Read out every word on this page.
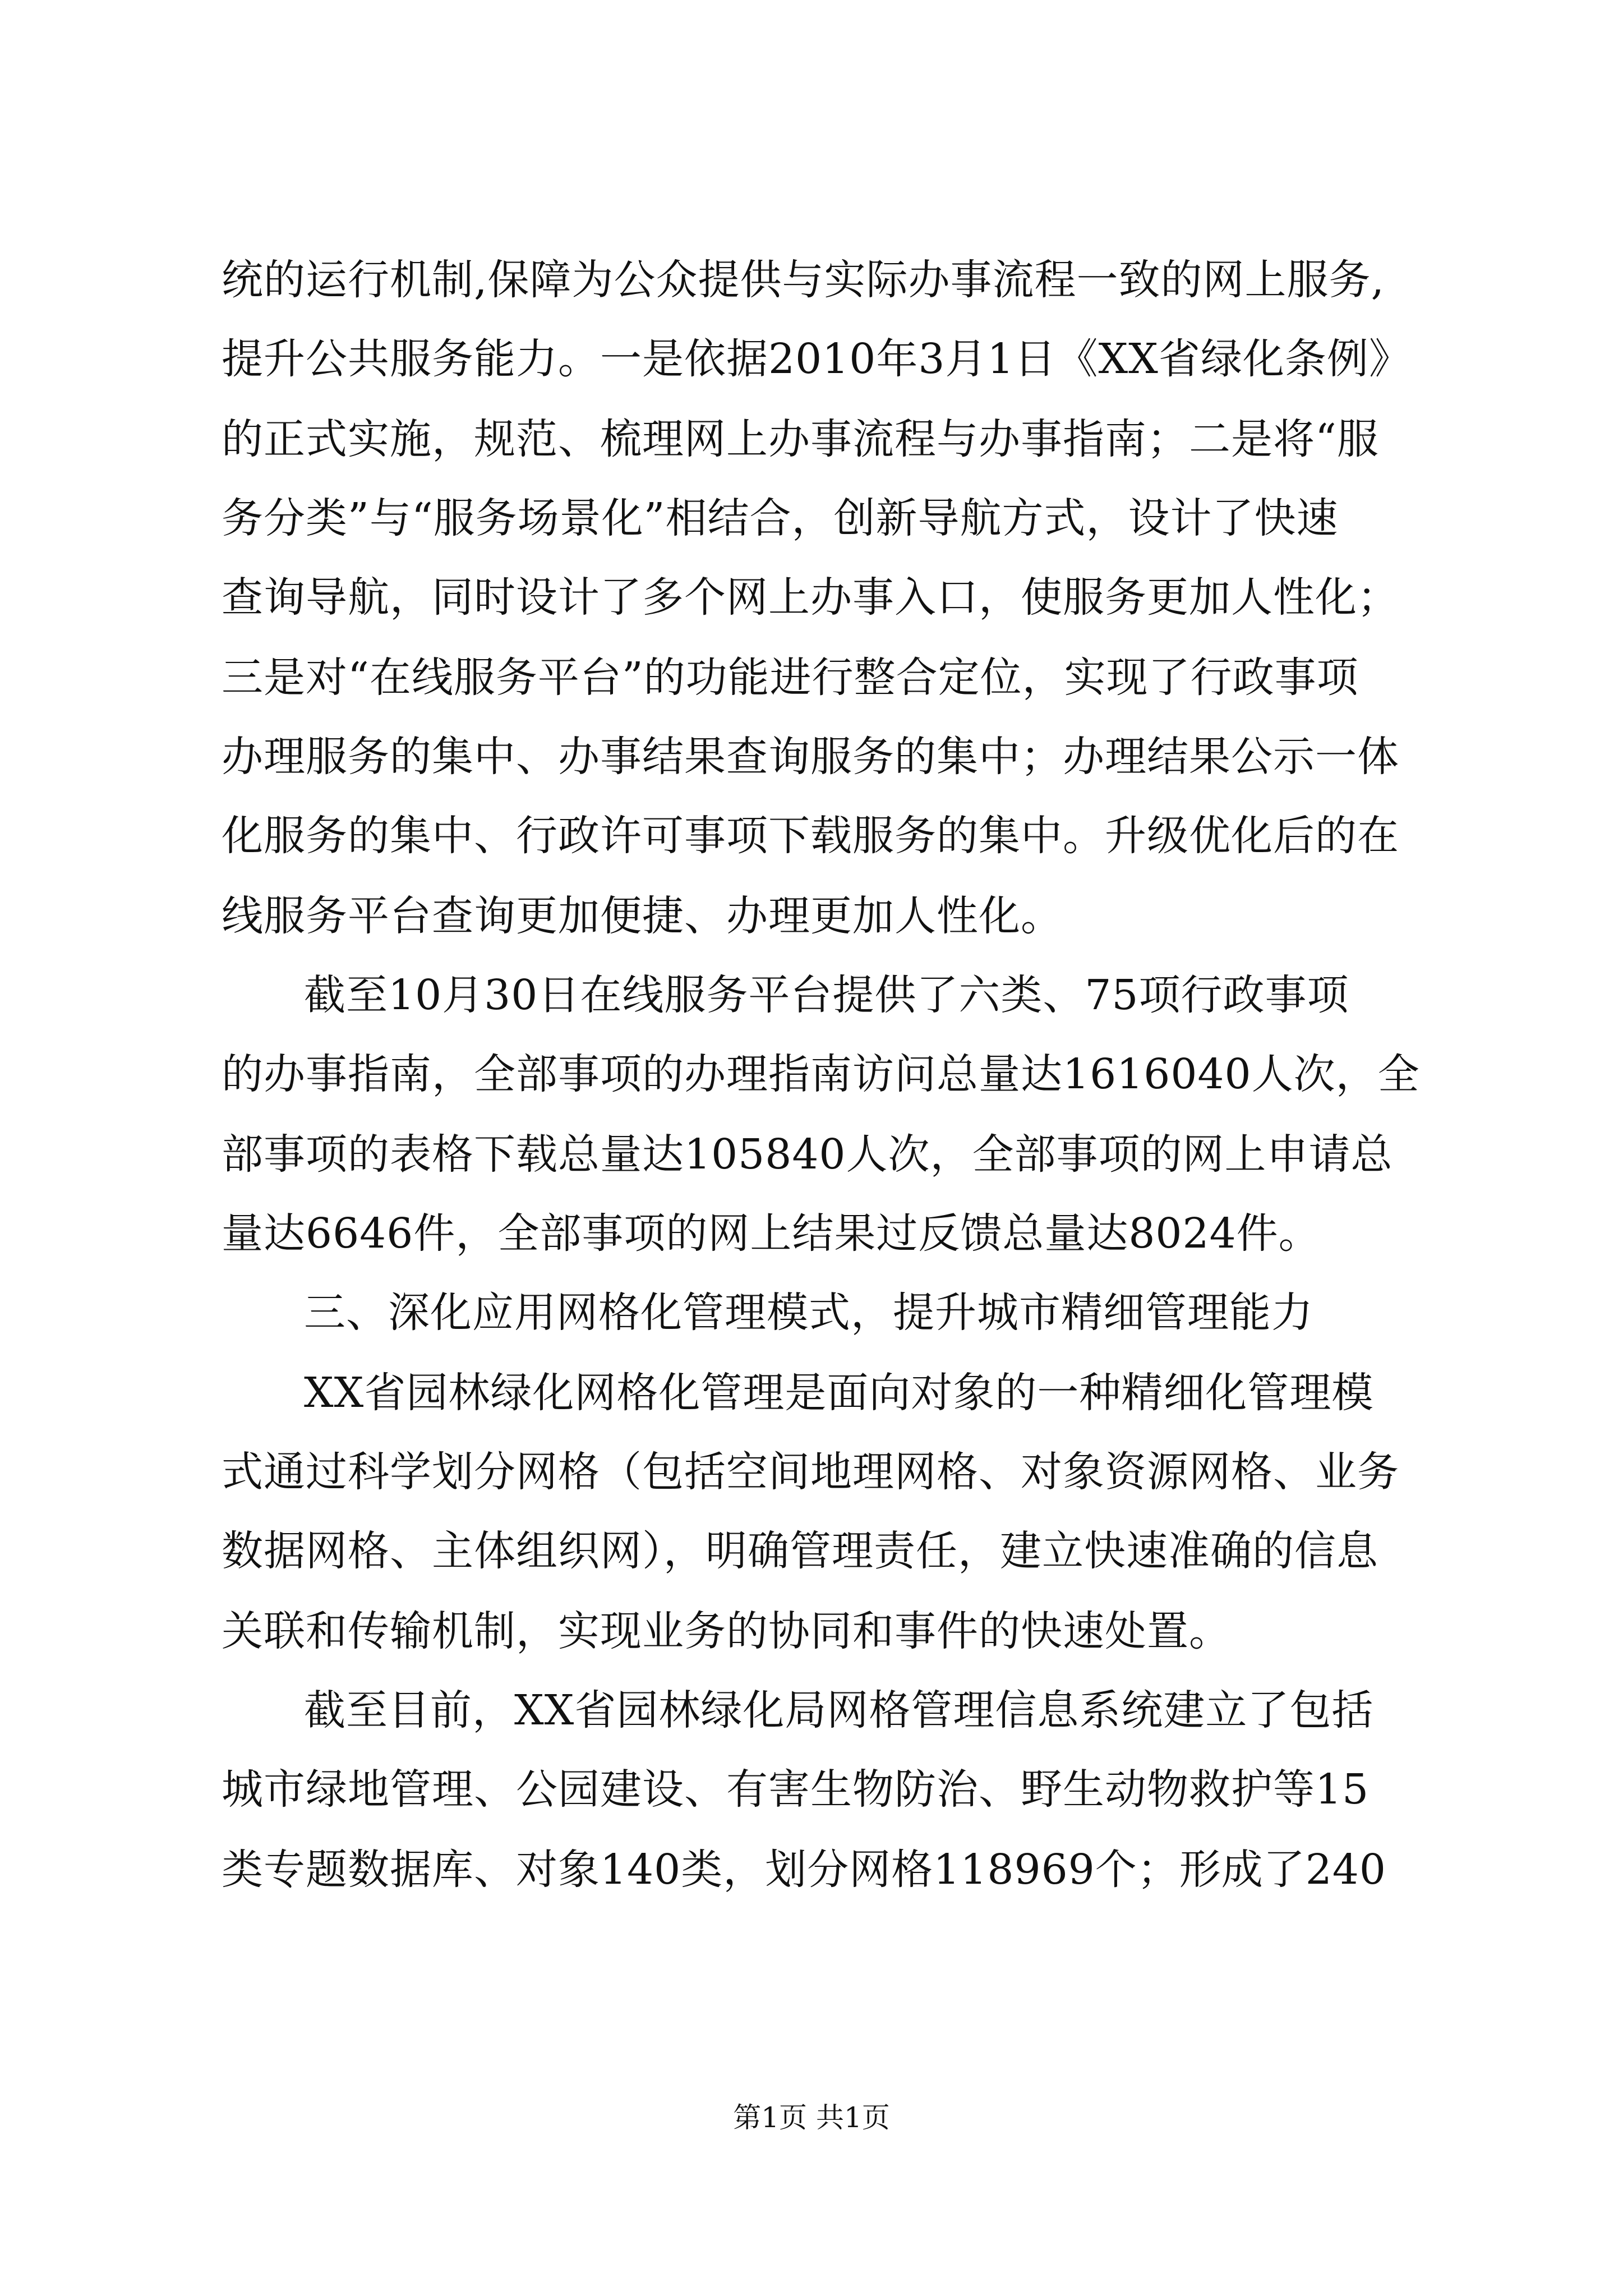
统的运行机制,保障为公众提供与实际办事流程一致的网上服务,
提升公共服务能力。一是依据2010年3月1日《XX省绿化条例》
的正式实施，规范、梳理网上办事流程与办事指南；二是将“服
务分类”与“服务场景化”相结合，创新导航方式，设计了快速
查询导航，同时设计了多个网上办事入口，使服务更加人性化；
三是对“在线服务平台”的功能进行整合定位，实现了行政事项
办理服务的集中、办事结果查询服务的集中；办理结果公示一体
化服务的集中、行政许可事项下载服务的集中。升级优化后的在
线服务平台查询更加便捷、办理更加人性化。
截至10月30日在线服务平台提供了六类、75项行政事项
的办事指南，全部事项的办理指南访问总量达1616040人次，全
部事项的表格下载总量达105840人次，全部事项的网上申请总
量达6646件，全部事项的网上结果过反馈总量达8024件。
三、深化应用网格化管理模式，提升城市精细管理能力
XX省园林绿化网格化管理是面向对象的一种精细化管理模
式通过科学划分网格（包括空间地理网格、对象资源网格、业务
数据网格、主体组织网），明确管理责任，建立快速准确的信息
关联和传输机制，实现业务的协同和事件的快速处置。
截至目前，XX省园林绿化局网格管理信息系统建立了包括
城市绿地管理、公园建设、有害生物防治、野生动物救护等15
类专题数据库、对象140类，划分网格118969个；形成了240
第1页 共1页
